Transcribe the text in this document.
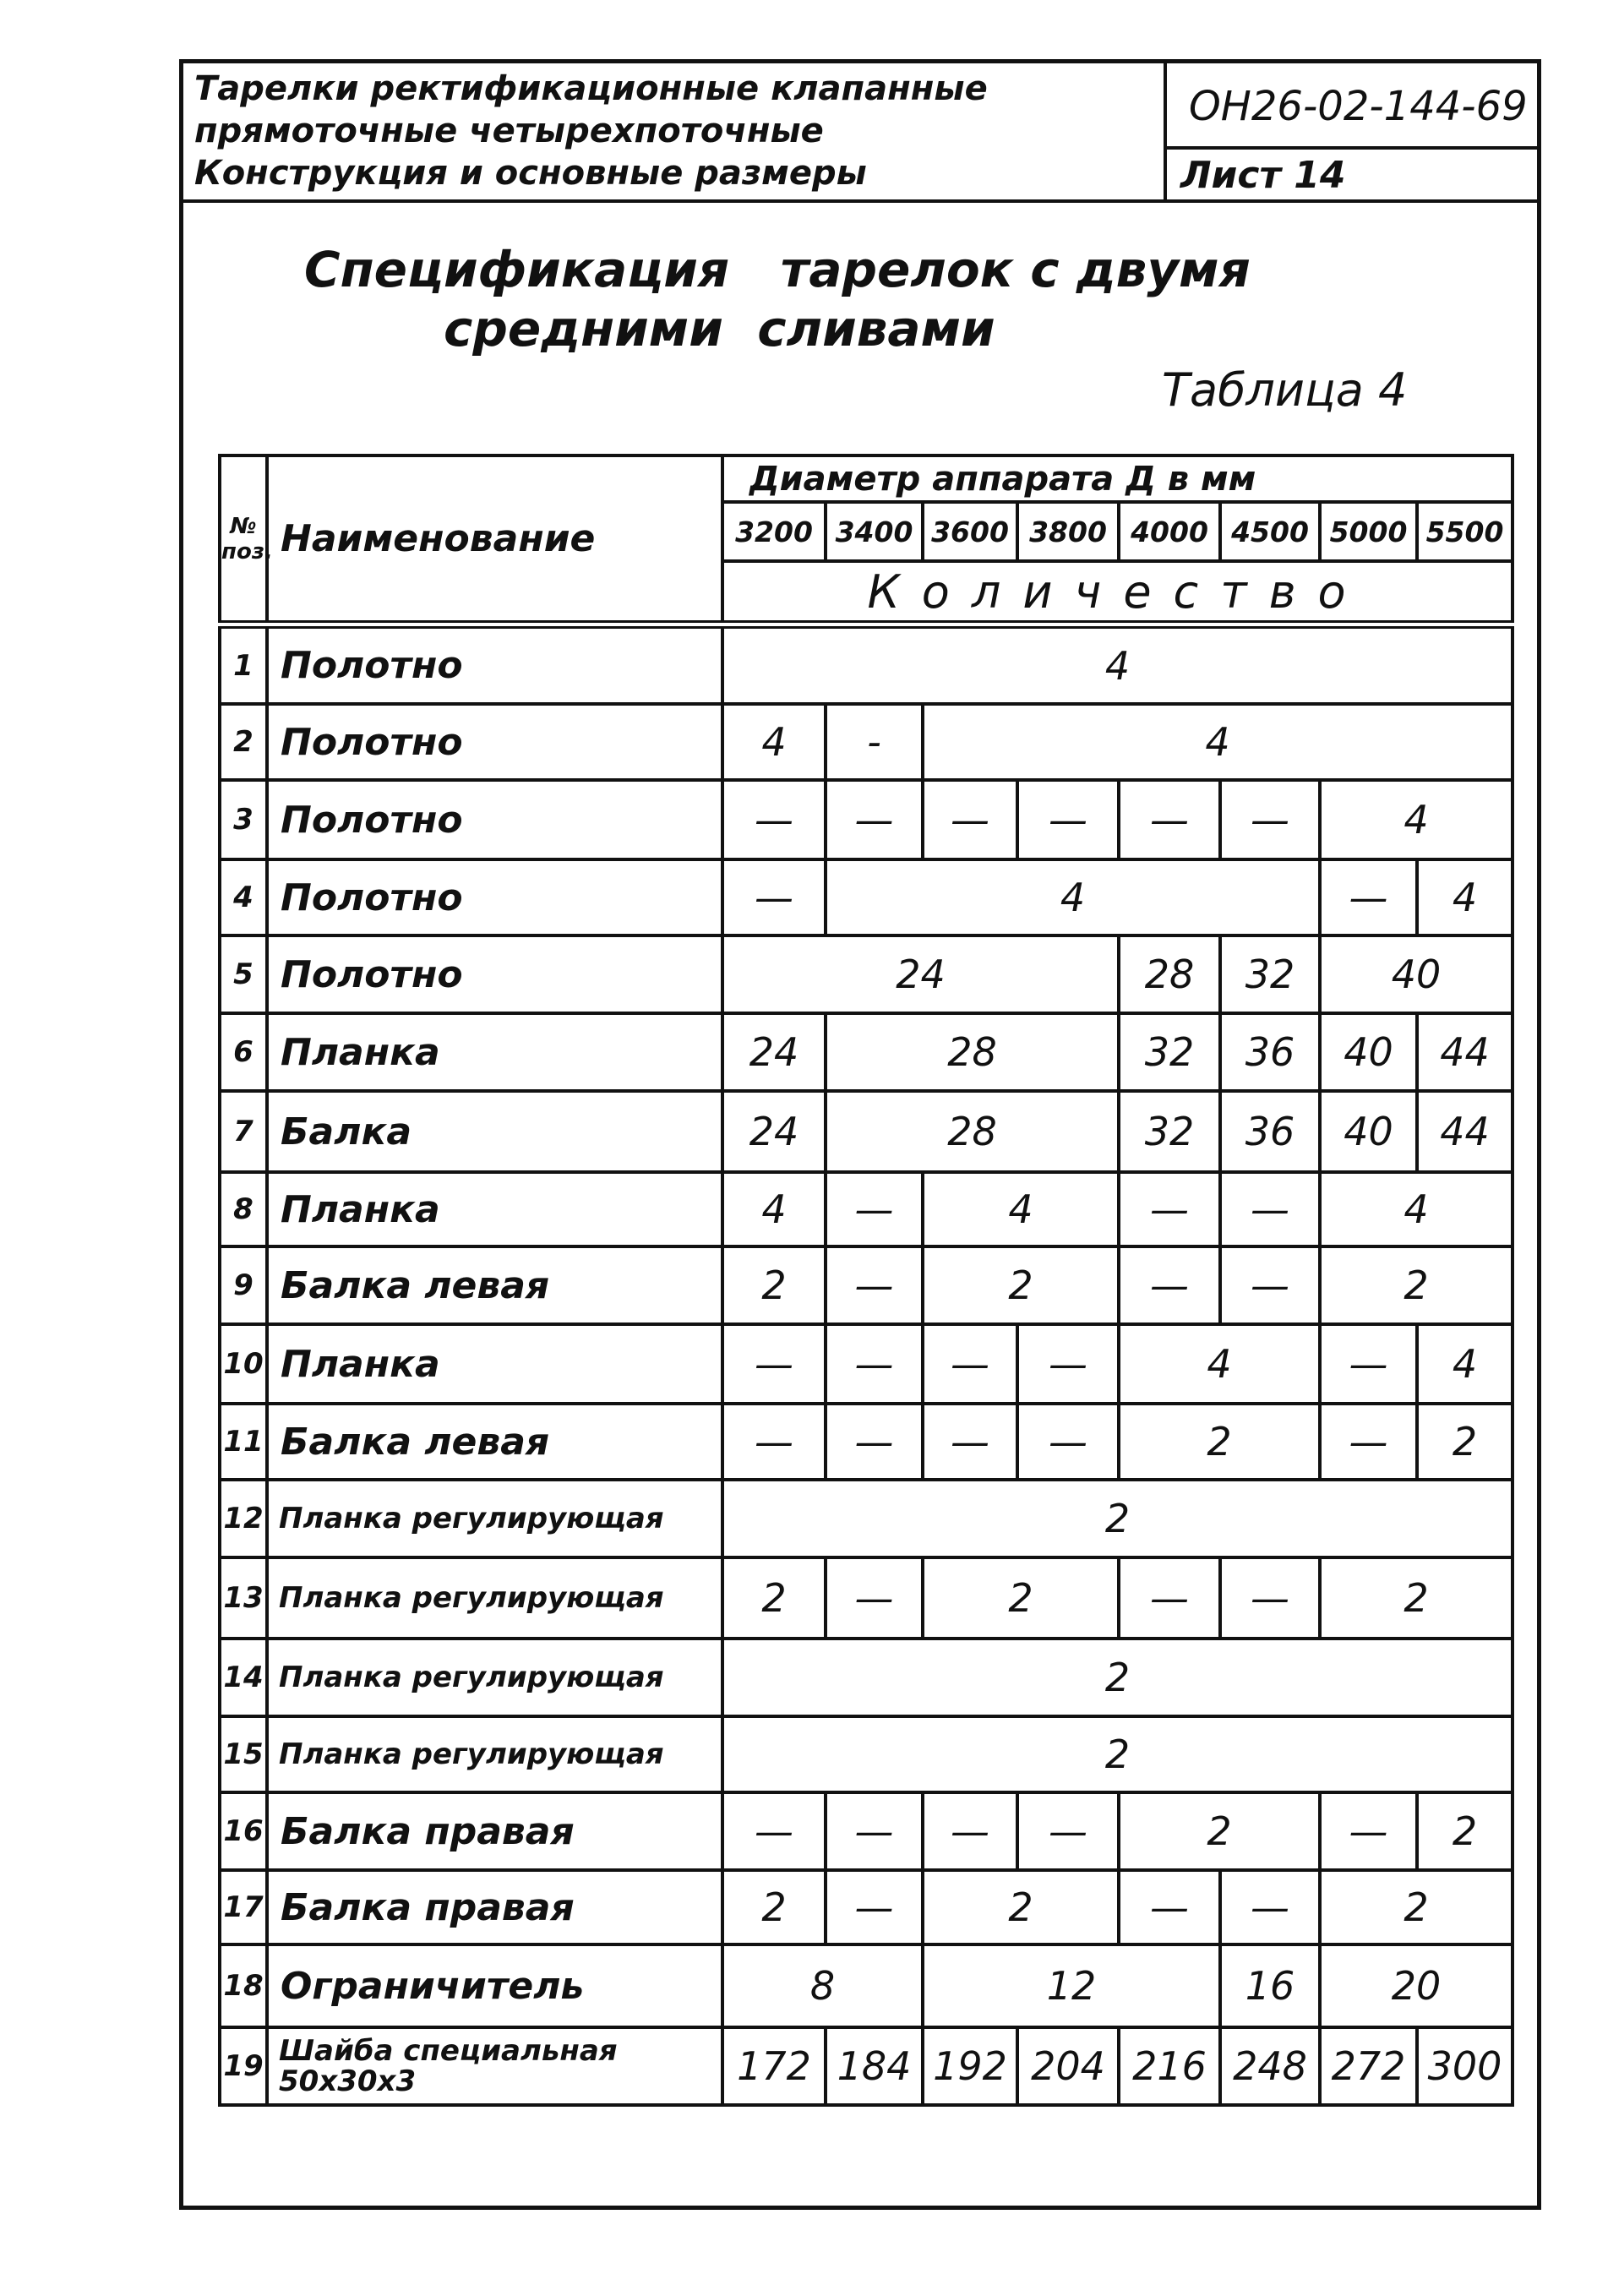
Тарелки ректификационные клапанные
прямоточные четырехпоточные
Конструкция и основные размеры
ОН26-02-144-69
Лист 14
Спецификация   тарелок с двумя
средними  сливами
Таблица 4
№ поз.	Наименование	Диаметр аппарата Д в мм							
		3200	3400	3600	3800	4000	4500	5000	5500
		Количество							
1	Полотно	4							
2	Полотно	4	-	4					
3	Полотно	—	—	—	—	—	—	4	
4	Полотно	—	4					—	4
5	Полотно	24				28	32	40	
6	Планка	24	28			32	36	40	44
7	Балка	24	28			32	36	40	44
8	Планка	4	—	4		—	—	4	
9	Балка левая	2	—	2		—	—	2	
10	Планка	—	—	—	—	4		—	4
11	Балка левая	—	—	—	—	2		—	2
12	Планка регулирующая	2							
13	Планка регулирующая	2	—	2		—	—	2	
14	Планка регулирующая	2							
15	Планка регулирующая	2							
16	Балка правая	—	—	—	—	2		—	2
17	Балка правая	2	—	2		—	—	2	
18	Ограничитель	8		12			16	20	
19	Шайба специальная 50х30х3	172	184	192	204	216	248	272	300
